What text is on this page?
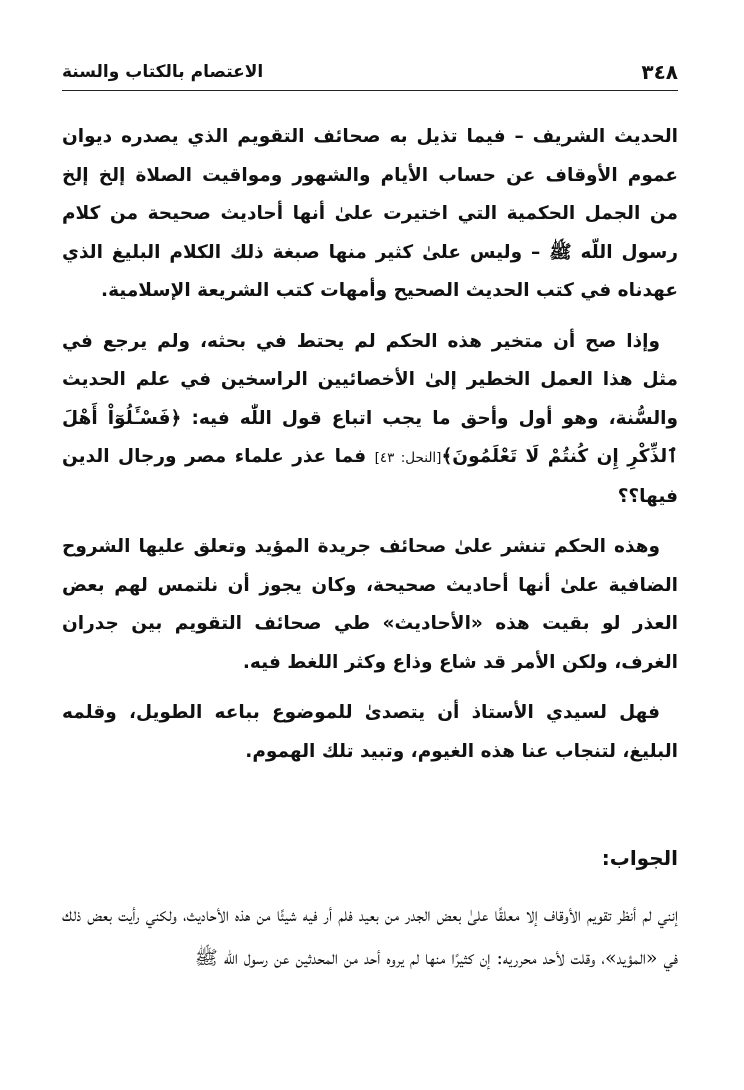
٣٤٨
الاعتصام بالكتاب والسنة

الحديث الشريف – فيما تذيل به صحائف التقويم الذي يصدره ديوان عموم الأوقاف عن حساب الأيام والشهور ومواقيت الصلاة إلخ إلخ من الجمل الحكمية التي اختيرت علىٰ أنها أحاديث صحيحة من كلام رسول اللّه ﷺ – وليس علىٰ كثير منها صبغة ذلك الكلام البليغ الذي عهدناه في كتب الحديث الصحيح وأمهات كتب الشريعة الإسلامية.

وإذا صح أن متخير هذه الحكم لم يحتط في بحثه، ولم يرجع في مثل هذا العمل الخطير إلىٰ الأخصائيين الراسخين في علم الحديث والسُّنة، وهو أول وأحق ما يجب اتباع قول اللّٰه فيه: ﴿فَسْـَٔلُوٓاْ أَهْلَ ٱلذِّكْرِ إِن كُنتُمْ لَا تَعْلَمُونَ﴾[النحل: ٤٣] فما عذر علماء مصر ورجال الدين فيها؟؟

وهذه الحكم تنشر علىٰ صحائف جريدة المؤيد وتعلق عليها الشروح الضافية علىٰ أنها أحاديث صحيحة، وكان يجوز أن نلتمس لهم بعض العذر لو بقيت هذه «الأحاديث» طي صحائف التقويم بين جدران الغرف، ولكن الأمر قد شاع وذاع وكثر اللغط فيه.

فهل لسيدي الأستاذ أن يتصدىٰ للموضوع بباعه الطويل، وقلمه البليغ، لتنجاب عنا هذه الغيوم، وتبيد تلك الهموم.

الجواب:

إنني لم أنظر تقويم الأوقاف إلا معلقًا علىٰ بعض الجدر من بعيد فلم أر فيه شيئًا من هذه الأحاديث، ولكني رأيت بعض ذلك في «المؤيد»، وقلت لأحد محرريه: إن كثيرًا منها لم يروه أحد من المحدثين عن رسول اللّٰه ﷺ
